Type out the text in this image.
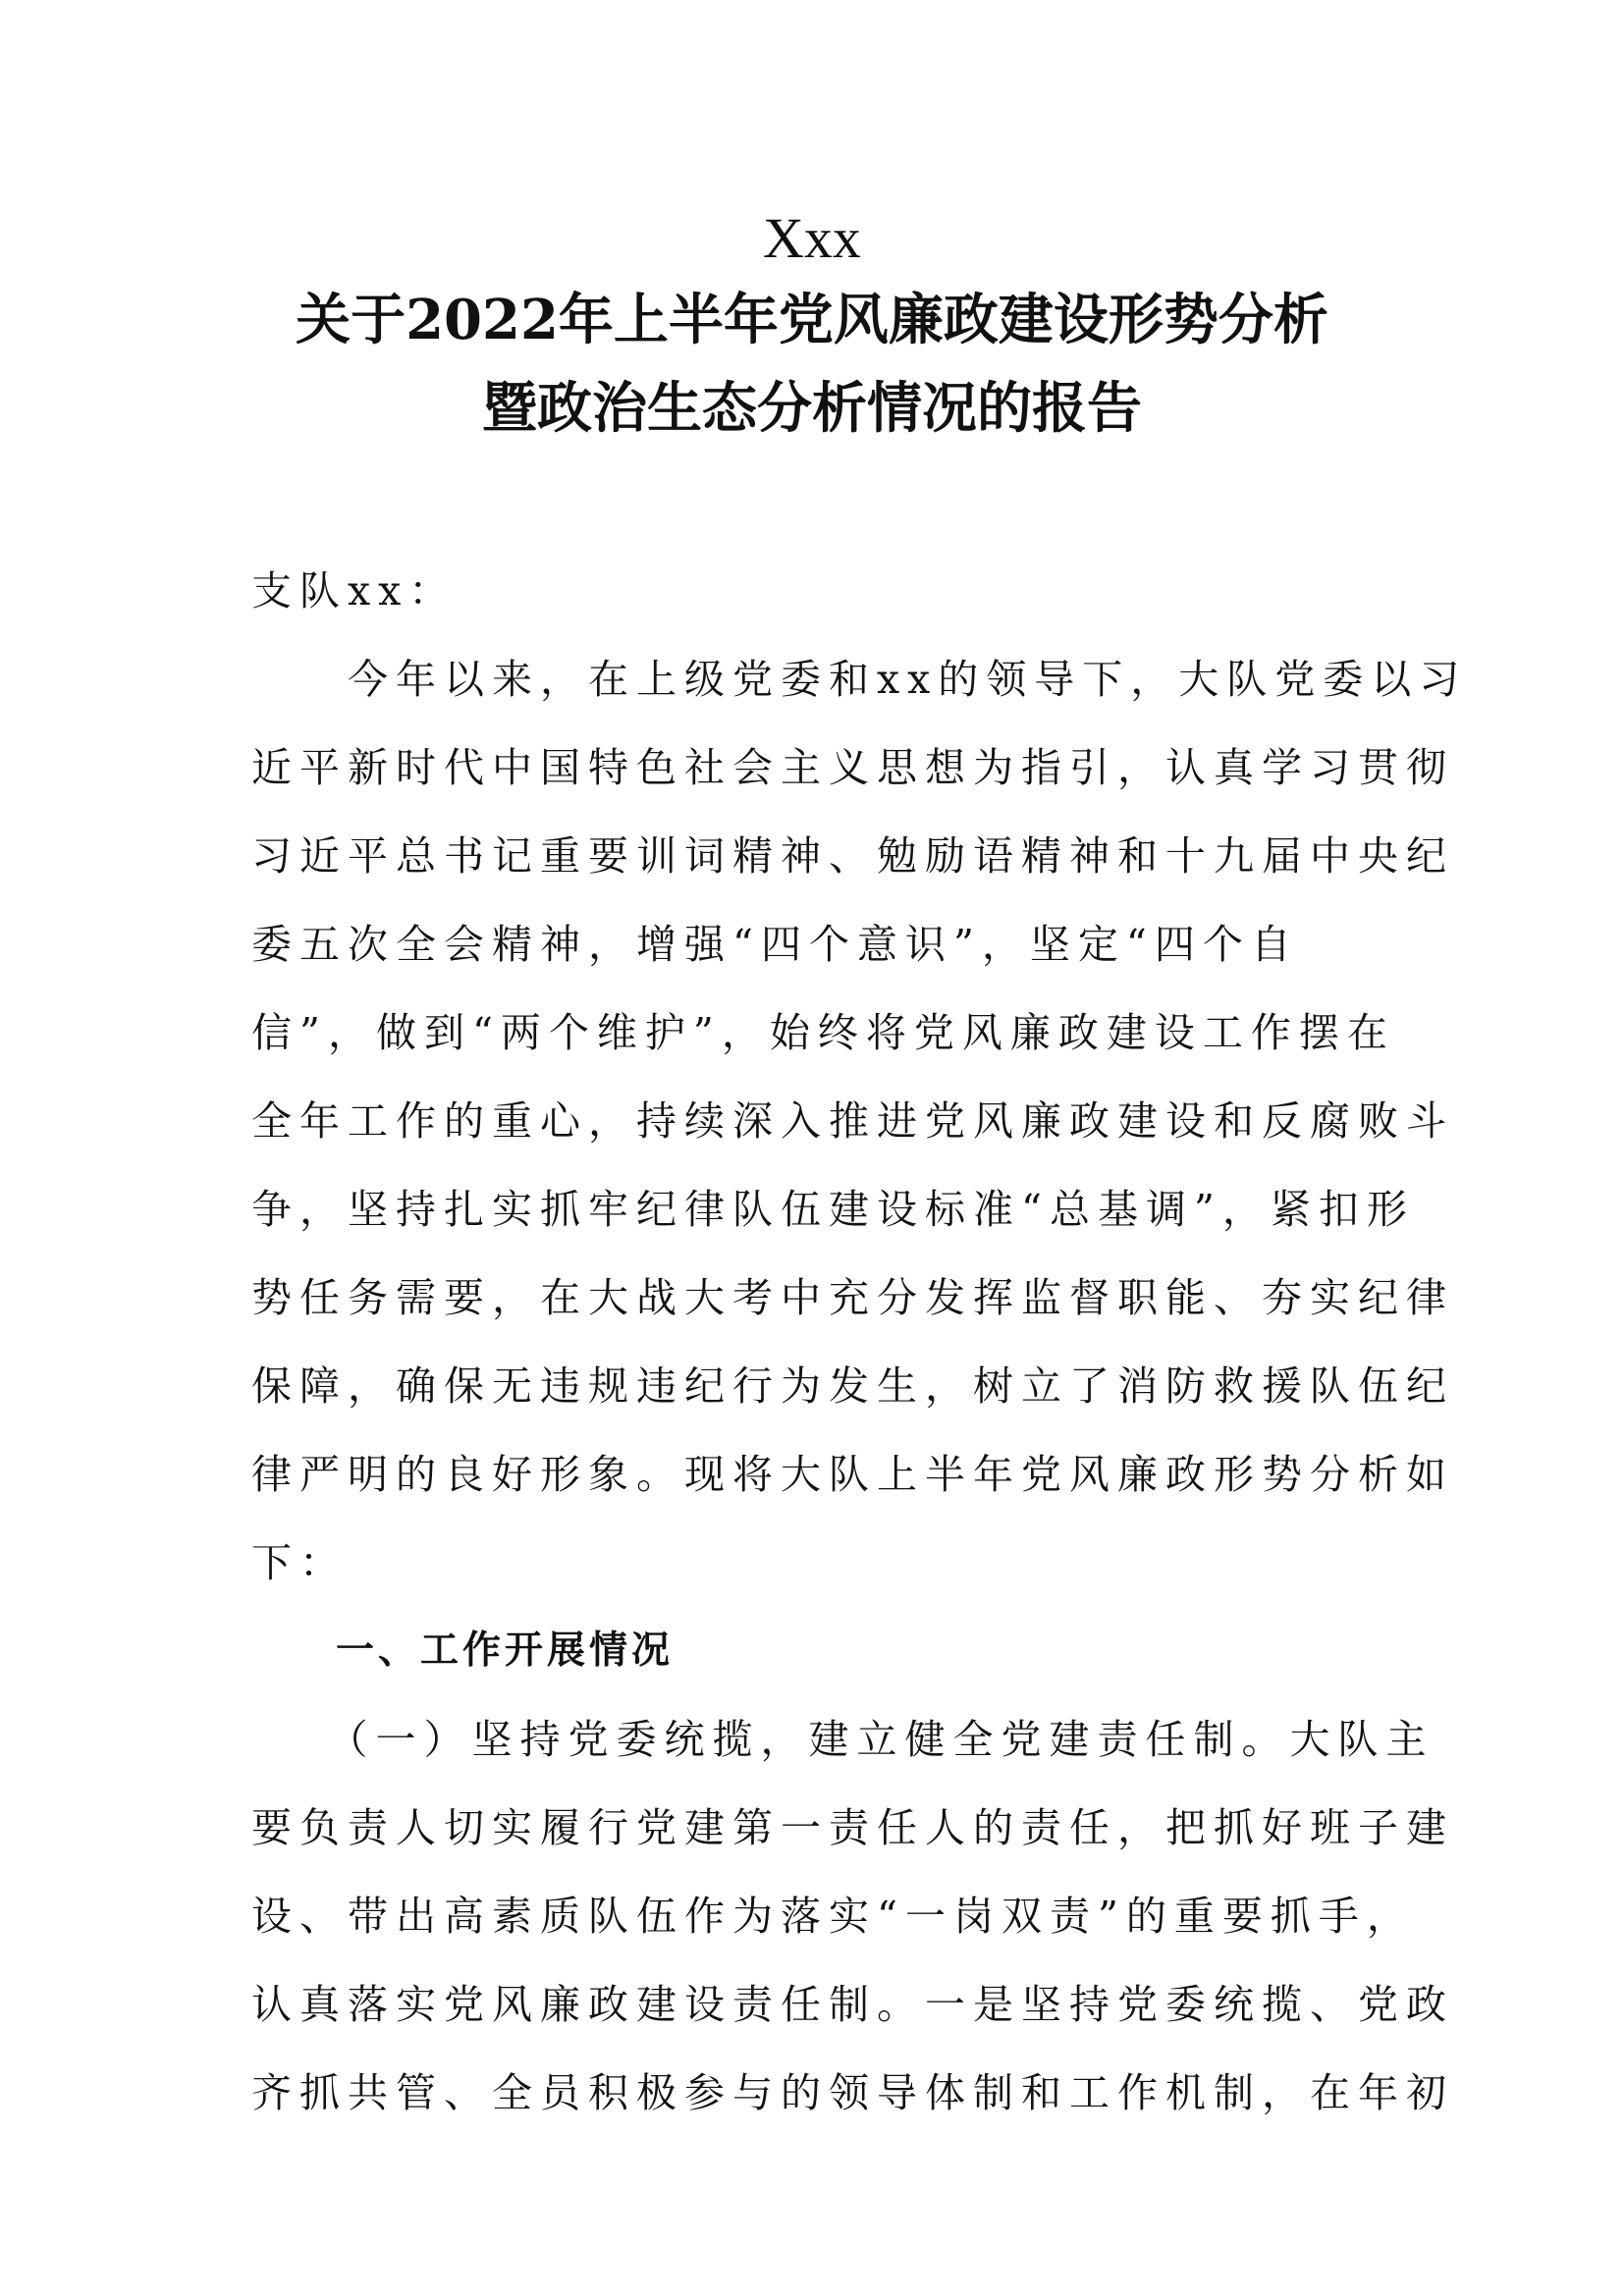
Xxx
关于2022年上半年党风廉政建设形势分析
暨政治生态分析情况的报告
支队xx：
　　今年以来，在上级党委和xx的领导下，大队党委以习
近平新时代中国特色社会主义思想为指引，认真学习贯彻
习近平总书记重要训词精神、勉励语精神和十九届中央纪
委五次全会精神，增强“四个意识”，坚定“四个自
信”，做到“两个维护”，始终将党风廉政建设工作摆在
全年工作的重心，持续深入推进党风廉政建设和反腐败斗
争，坚持扎实抓牢纪律队伍建设标准“总基调”，紧扣形
势任务需要，在大战大考中充分发挥监督职能、夯实纪律
保障，确保无违规违纪行为发生，树立了消防救援队伍纪
律严明的良好形象。现将大队上半年党风廉政形势分析如
下：
　　一、工作开展情况
　　（一）坚持党委统揽，建立健全党建责任制。大队主
要负责人切实履行党建第一责任人的责任，把抓好班子建
设、带出高素质队伍作为落实“一岗双责”的重要抓手，
认真落实党风廉政建设责任制。一是坚持党委统揽、党政
齐抓共管、全员积极参与的领导体制和工作机制，在年初
